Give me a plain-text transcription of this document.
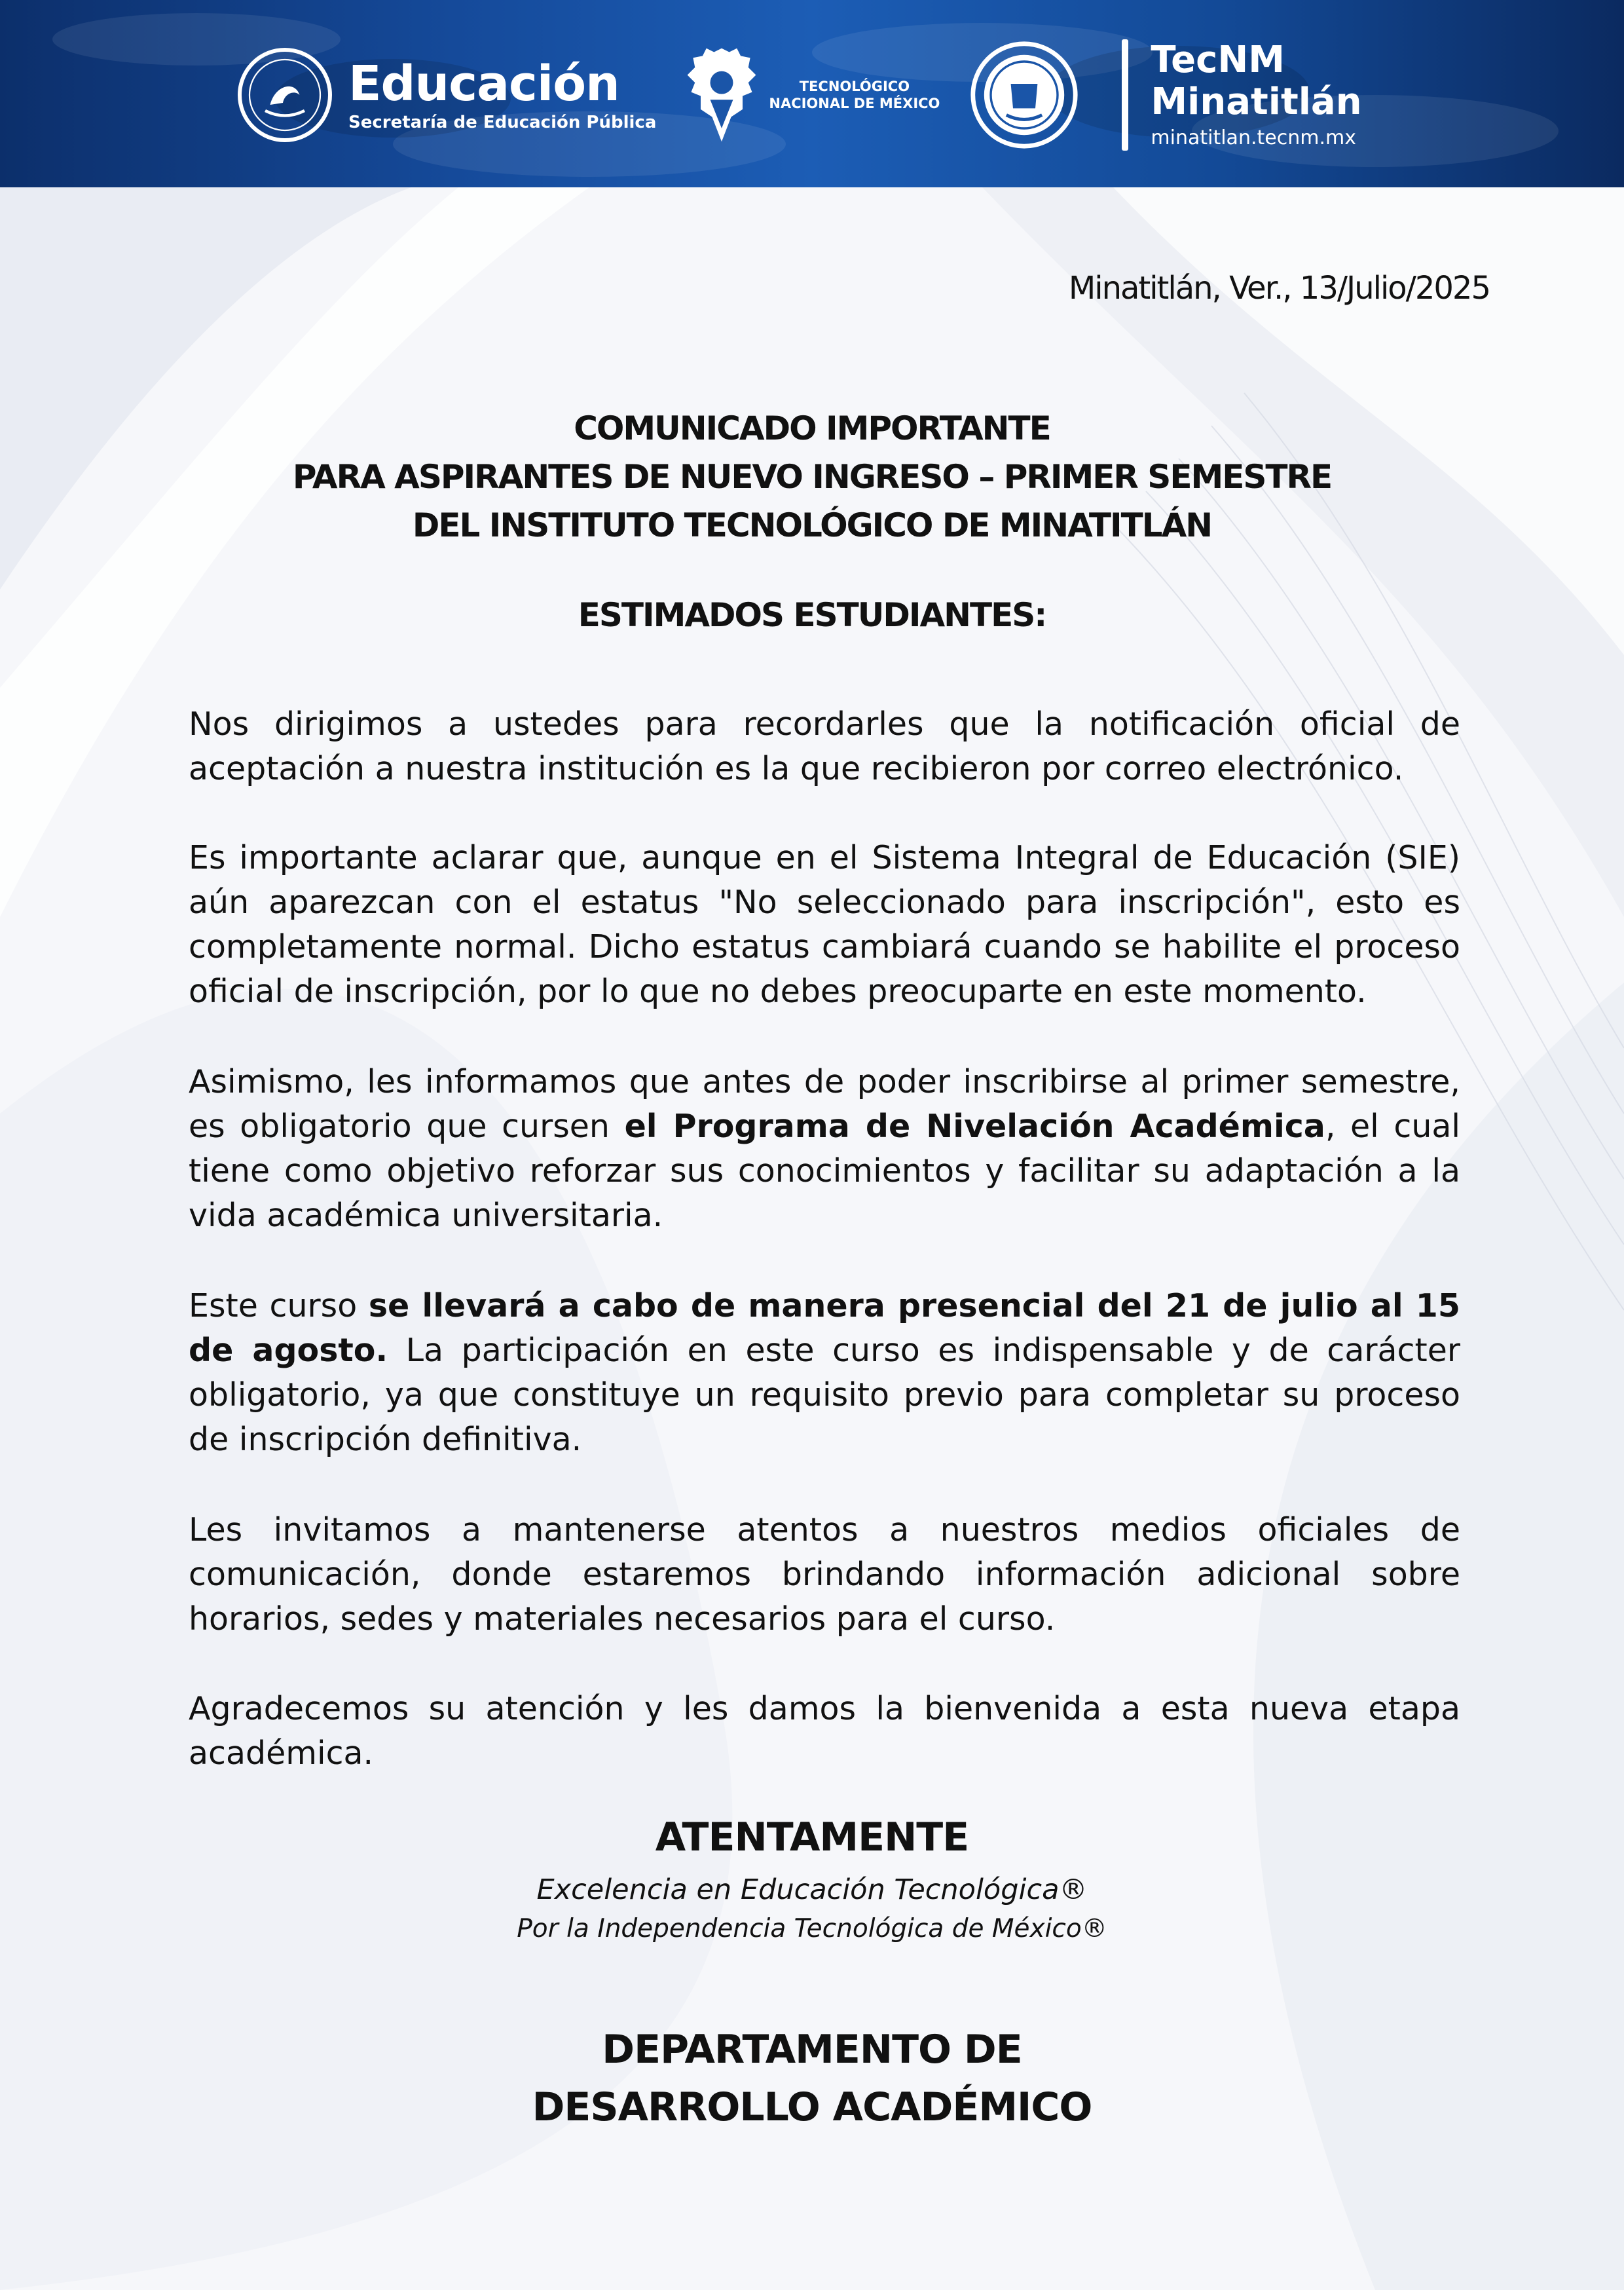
Educación
Secretaría de Educación Pública
TECNOLÓGICO
NACIONAL DE MÉXICO
TecNM
Minatitlán
minatitlan.tecnm.mx
Minatitlán, Ver., 13/Julio/2025
COMUNICADO IMPORTANTE
PARA ASPIRANTES DE NUEVO INGRESO – PRIMER SEMESTRE
DEL INSTITUTO TECNOLÓGICO DE MINATITLÁN
ESTIMADOS ESTUDIANTES:

Nos dirigimos a ustedes para recordarles que la notificación oficial de aceptación a nuestra institución es la que recibieron por correo electrónico.

Es importante aclarar que, aunque en el Sistema Integral de Educación (SIE) aún aparezcan con el estatus "No seleccionado para inscripción", esto es completamente normal. Dicho estatus cambiará cuando se habilite el proceso oficial de inscripción, por lo que no debes preocuparte en este momento.

Asimismo, les informamos que antes de poder inscribirse al primer semestre, es obligatorio que cursen el Programa de Nivelación Académica, el cual tiene como objetivo reforzar sus conocimientos y facilitar su adaptación a la vida académica universitaria.

Este curso se llevará a cabo de manera presencial del 21 de julio al 15 de agosto. La participación en este curso es indispensable y de carácter obligatorio, ya que constituye un requisito previo para completar su proceso de inscripción definitiva.

Les invitamos a mantenerse atentos a nuestros medios oficiales de comunicación, donde estaremos brindando información adicional sobre horarios, sedes y materiales necesarios para el curso.

Agradecemos su atención y les damos la bienvenida a esta nueva etapa académica.

ATENTAMENTE
Excelencia en Educación Tecnológica®
Por la Independencia Tecnológica de México®
DEPARTAMENTO DE
DESARROLLO ACADÉMICO
